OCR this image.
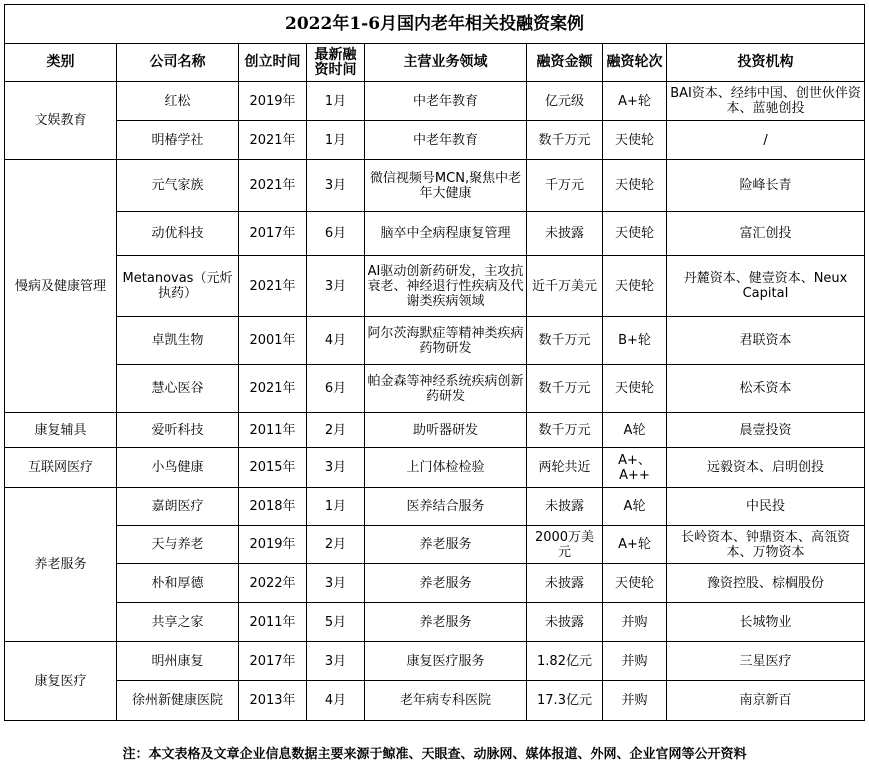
2022年1-6月国内老年相关投融资案例							
类别	公司名称	创立时间	最新融资时间	主营业务领域	融资金额	融资轮次	投资机构
文娱教育	红松	2019年	1月	中老年教育	亿元级	A+轮	BAI资本、经纬中国、创世伙伴资本、蓝驰创投
	明椿学社	2021年	1月	中老年教育	数千万元	天使轮	/
慢病及健康管理	元气家族	2021年	3月	微信视频号MCN,聚焦中老年大健康	千万元	天使轮	险峰长青
	动优科技	2017年	6月	脑卒中全病程康复管理	未披露	天使轮	富汇创投
	Metanovas（元炘执药）	2021年	3月	AI驱动创新药研发，主攻抗衰老、神经退行性疾病及代谢类疾病领域	近千万美元	天使轮	丹麓资本、健壹资本、Neux CapitaI
	卓凯生物	2001年	4月	阿尔茨海默症等精神类疾病药物研发	数千万元	B+轮	君联资本
	慧心医谷	2021年	6月	帕金森等神经系统疾病创新药研发	数千万元	天使轮	松禾资本
康复辅具	爱听科技	2011年	2月	助听器研发	数千万元	A轮	晨壹投资
互联网医疗	小鸟健康	2015年	3月	上门体检检验	两轮共近	A+、 A++	远毅资本、启明创投
养老服务	嘉朗医疗	2018年	1月	医养结合服务	未披露	A轮	中民投
	天与养老	2019年	2月	养老服务	2000万美元	A+轮	长岭资本、钟鼎资本、高瓴资本、万物资本
	朴和厚德	2022年	3月	养老服务	未披露	天使轮	豫资控股、棕榈股份
	共享之家	2011年	5月	养老服务	未披露	并购	长城物业
康复医疗	明州康复	2017年	3月	康复医疗服务	1.82亿元	并购	三星医疗
	徐州新健康医院	2013年	4月	老年病专科医院	17.3亿元	并购	南京新百
注：本文表格及文章企业信息数据主要来源于鲸准、天眼查、动脉网、媒体报道、外网、企业官网等公开资料
